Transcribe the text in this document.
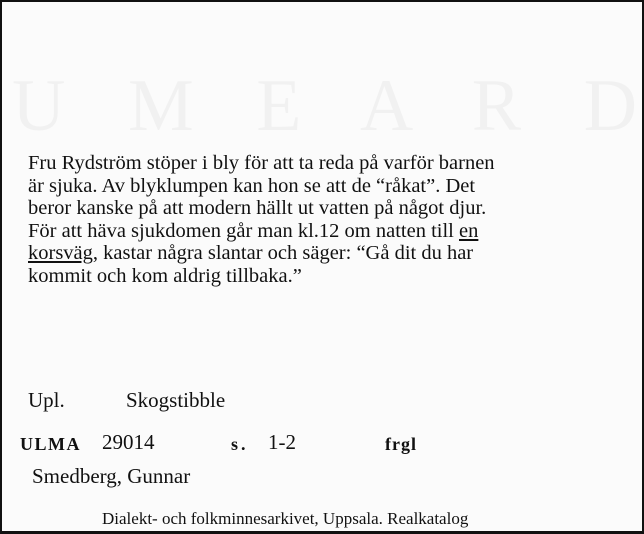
Fru Rydström stöper i bly för att ta reda på varför barnen
är sjuka. Av blyklumpen kan hon se att de “råkat”. Det
beror kanske på att modern hällt ut vatten på något djur.
För att häva sjukdomen går man kl.12 om natten till en
korsväg, kastar några slantar och säger: “Gå dit du har
kommit och kom aldrig tillbaka.”

Upl.	Skogstibble
ULMA 29014	s. 1-2	frgl
Smedberg, Gunnar
Dialekt- och folkminnesarkivet, Uppsala. Realkatalog
